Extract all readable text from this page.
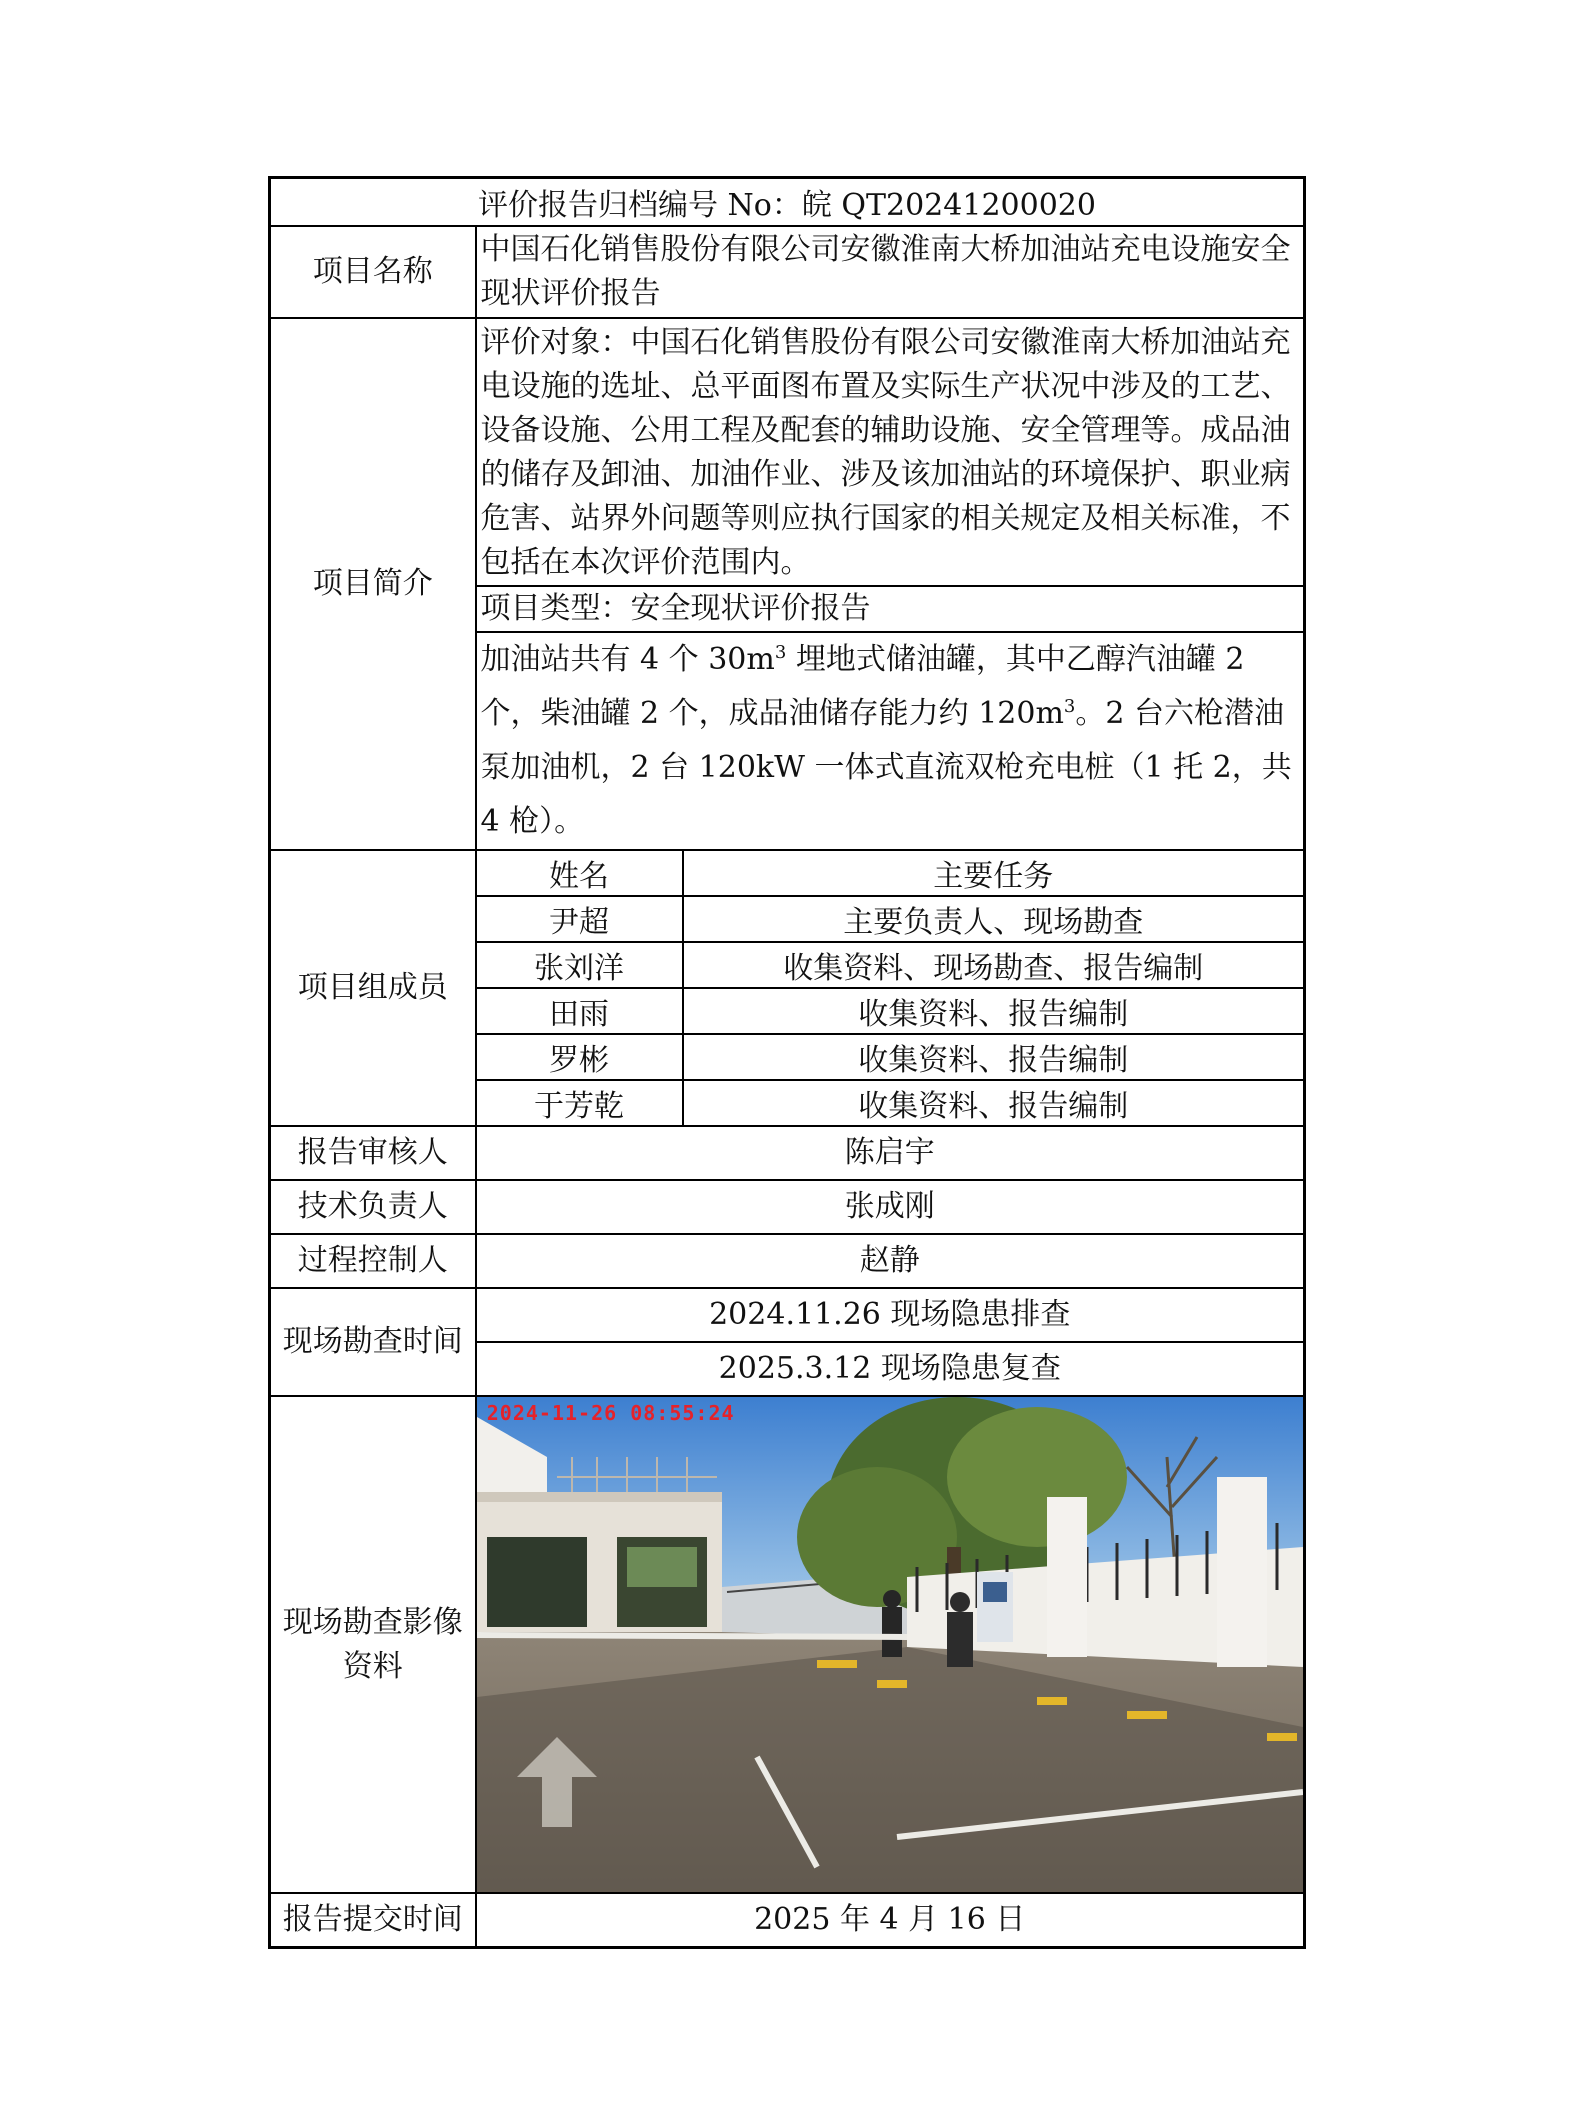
评价报告归档编号 No：皖 QT20241200020
项目名称	中国石化销售股份有限公司安徽淮南大桥加油站充电设施安全现状评价报告
项目简介	评价对象：中国石化销售股份有限公司安徽淮南大桥加油站充电设施的选址、总平面图布置及实际生产状况中涉及的工艺、设备设施、公用工程及配套的辅助设施、安全管理等。成品油的储存及卸油、加油作业、涉及该加油站的环境保护、职业病危害、站界外问题等则应执行国家的相关规定及相关标准，不包括在本次评价范围内。
项目类型：安全现状评价报告
加油站共有 4 个 $30m^3$ 埋地式储油罐，其中乙醇汽油罐 2 个，柴油罐 2 个，成品油储存能力约 $120m^3$。2 台六枪潜油泵加油机，2 台 120kW 一体式直流双枪充电桩（1 托 2，共 4 枪）。
项目组成员	
姓名	主要任务
尹超	主要负责人、现场勘查
张刘洋	收集资料、现场勘查、报告编制
田雨	收集资料、报告编制
罗彬	收集资料、报告编制
于芳乾	收集资料、报告编制

报告审核人	陈启宇
技术负责人	张成刚
过程控制人	赵静
现场勘查时间	2024.11.26 现场隐患排查
2025.3.12 现场隐患复查

现场勘查影像
资料

2024-11-26 08:55:24

报告提交时间	2025 年 4 月 16 日
